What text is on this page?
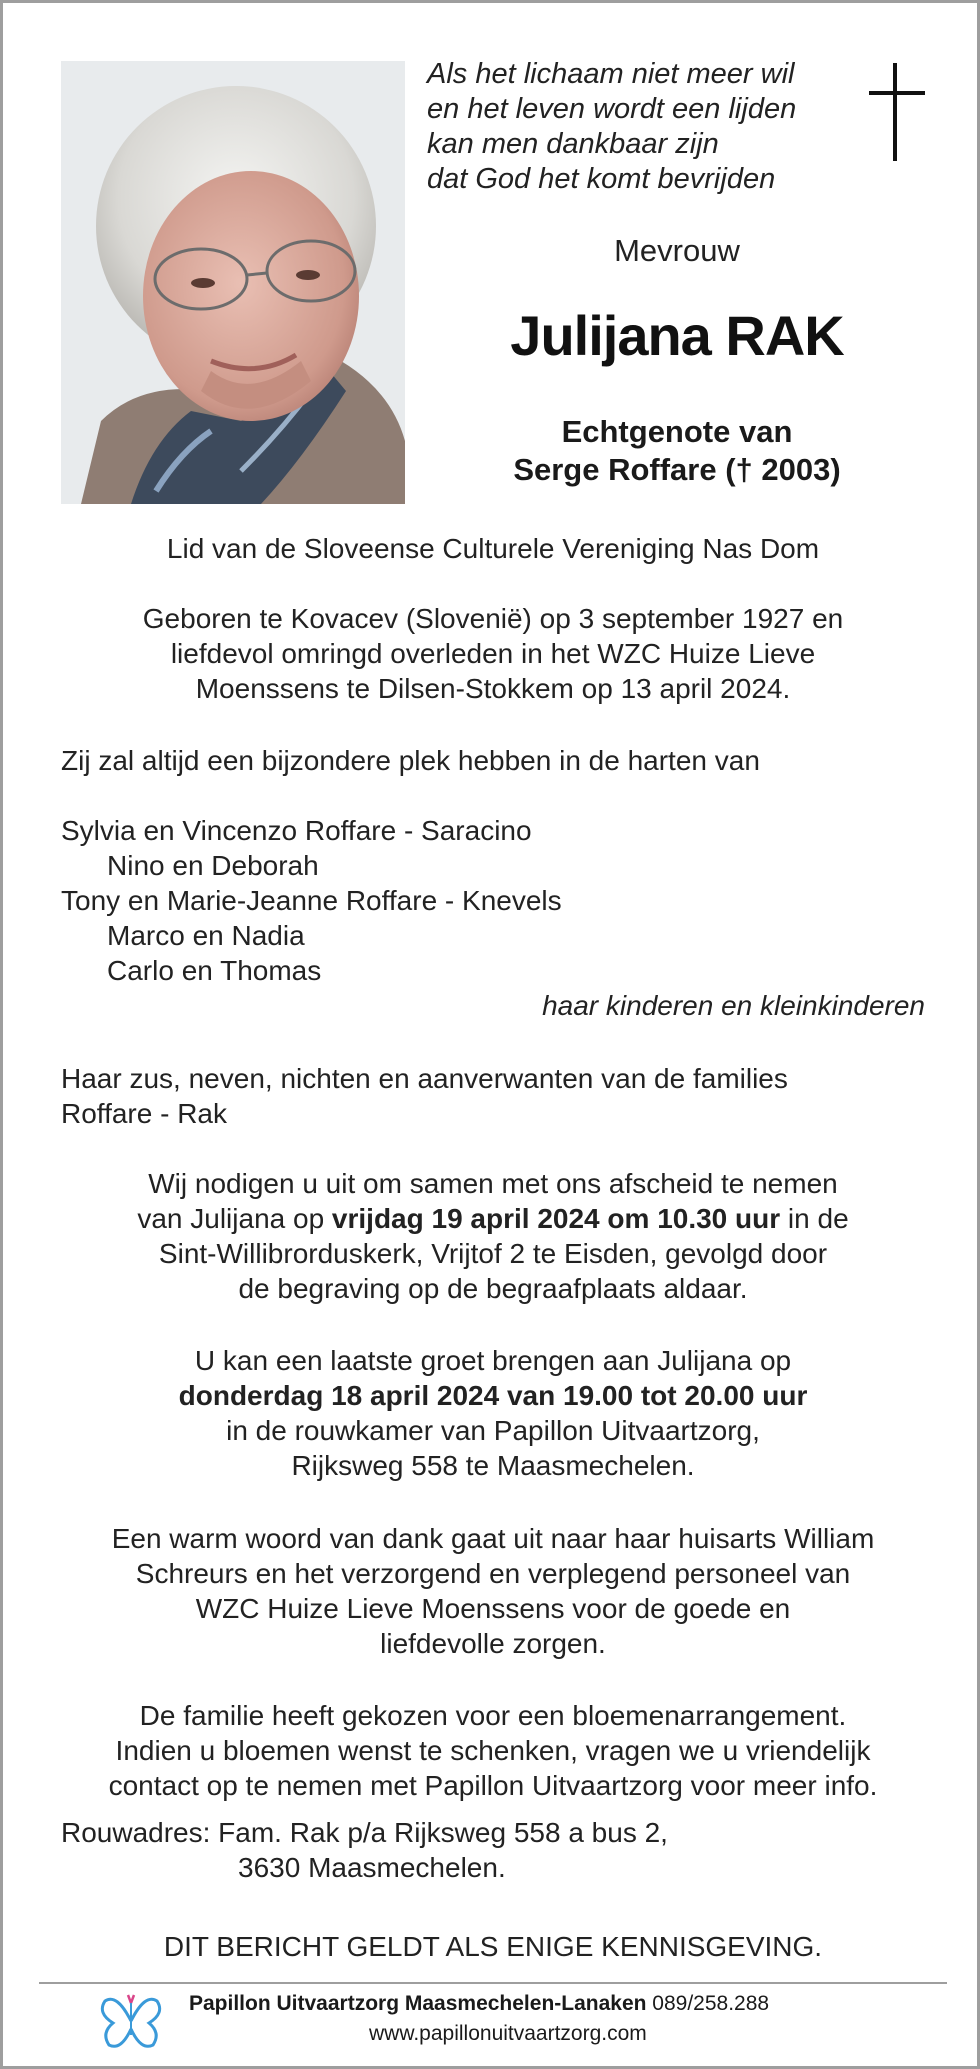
Als het lichaam niet meer wil
en het leven wordt een lijden
kan men dankbaar zijn
dat God het komt bevrijden
Mevrouw
Julijana RAK
Echtgenote van
Serge Roffare († 2003)
Lid van de Sloveense Culturele Vereniging Nas Dom
Geboren te Kovacev (Slovenië) op 3 september 1927 en
liefdevol omringd overleden in het WZC Huize Lieve
Moenssens te Dilsen-Stokkem op 13 april 2024.
Zij zal altijd een bijzondere plek hebben in de harten van
Sylvia en Vincenzo Roffare - Saracino
Nino en Deborah
Tony en Marie-Jeanne Roffare - Knevels
Marco en Nadia
Carlo en Thomas
haar kinderen en kleinkinderen
Haar zus, neven, nichten en aanverwanten van de families
Roffare - Rak
Wij nodigen u uit om samen met ons afscheid te nemen
van Julijana op vrijdag 19 april 2024 om 10.30 uur in de
Sint-Willibrorduskerk, Vrijtof 2 te Eisden, gevolgd door
de begraving op de begraafplaats aldaar.
U kan een laatste groet brengen aan Julijana op
donderdag 18 april 2024 van 19.00 tot 20.00 uur
in de rouwkamer van Papillon Uitvaartzorg,
Rijksweg 558 te Maasmechelen.
Een warm woord van dank gaat uit naar haar huisarts William
Schreurs en het verzorgend en verplegend personeel van
WZC Huize Lieve Moenssens voor de goede en
liefdevolle zorgen.
De familie heeft gekozen voor een bloemenarrangement.
Indien u bloemen wenst te schenken, vragen we u vriendelijk
contact op te nemen met Papillon Uitvaartzorg voor meer info.
Rouwadres: Fam. Rak p/a Rijksweg 558 a bus 2,
3630 Maasmechelen.
DIT BERICHT GELDT ALS ENIGE KENNISGEVING.
Papillon Uitvaartzorg Maasmechelen-Lanaken 089/258.288
www.papillonuitvaartzorg.com
